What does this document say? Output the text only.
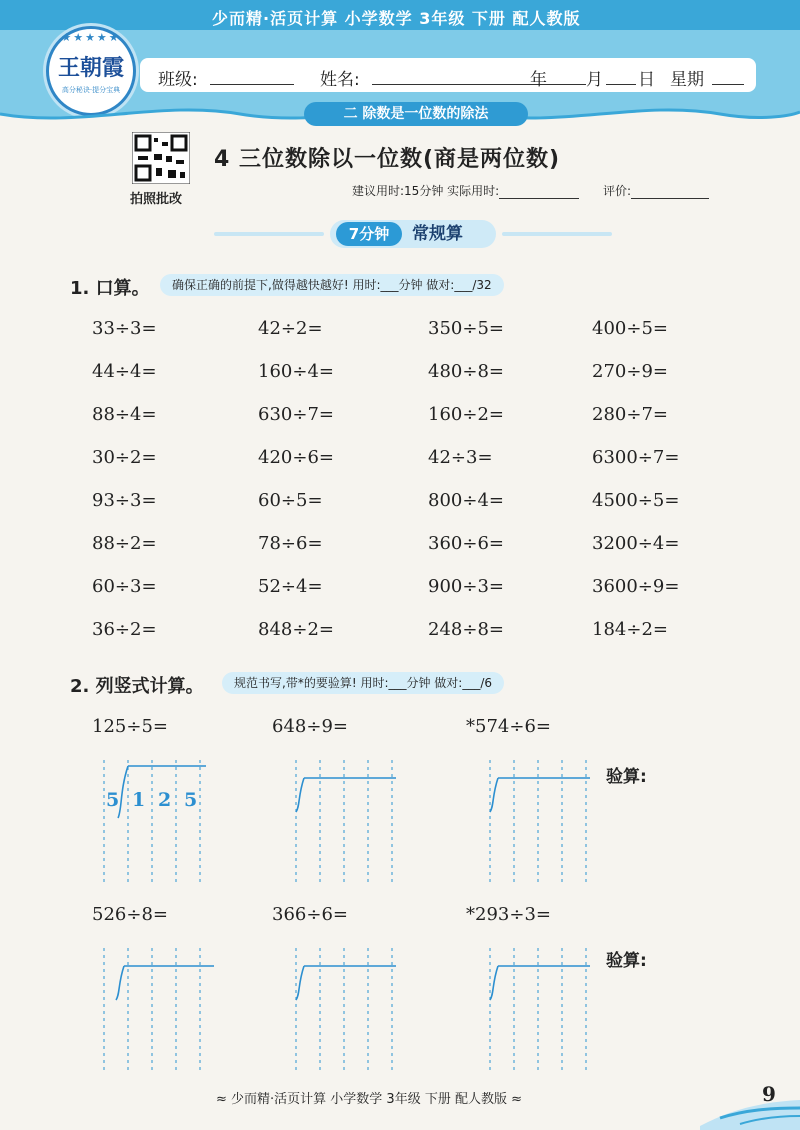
少而精·活页计算 小学数学 3年级 下册 配人教版
★★★★★
王朝霞
高分秘诀·提分宝典	班级:	姓名:	年 月 日 星期
二 除数是一位数的除法
拍照批改
4 三位数除以一位数(商是两位数)
建议用时:15分钟 实际用时:	评价:
7分钟	常规算
1. 口算。	确保正确的前提下,做得越快越好! 用时:___分钟 做对:___/32
33÷3=	42÷2=	350÷5=	400÷5=
44÷4=	160÷4=	480÷8=	270÷9=
88÷4=	630÷7=	160÷2=	280÷7=
30÷2=	420÷6=	42÷3=	6300÷7=
93÷3=	60÷5=	800÷4=	4500÷5=
88÷2=	78÷6=	360÷6=	3200÷4=
60÷3=	52÷4=	900÷3=	3600÷9=
36÷2=	848÷2=	248÷8=	184÷2=
2. 列竖式计算。	规范书写,带*的要验算! 用时:___分钟 做对:___/6
125÷5=	648÷9=	*574÷6=
验算:
526÷8=	366÷6=	*293÷3=
验算:
5 1 2 5
≈ 少而精·活页计算 小学数学 3年级 下册 配人教版 ≈	9
